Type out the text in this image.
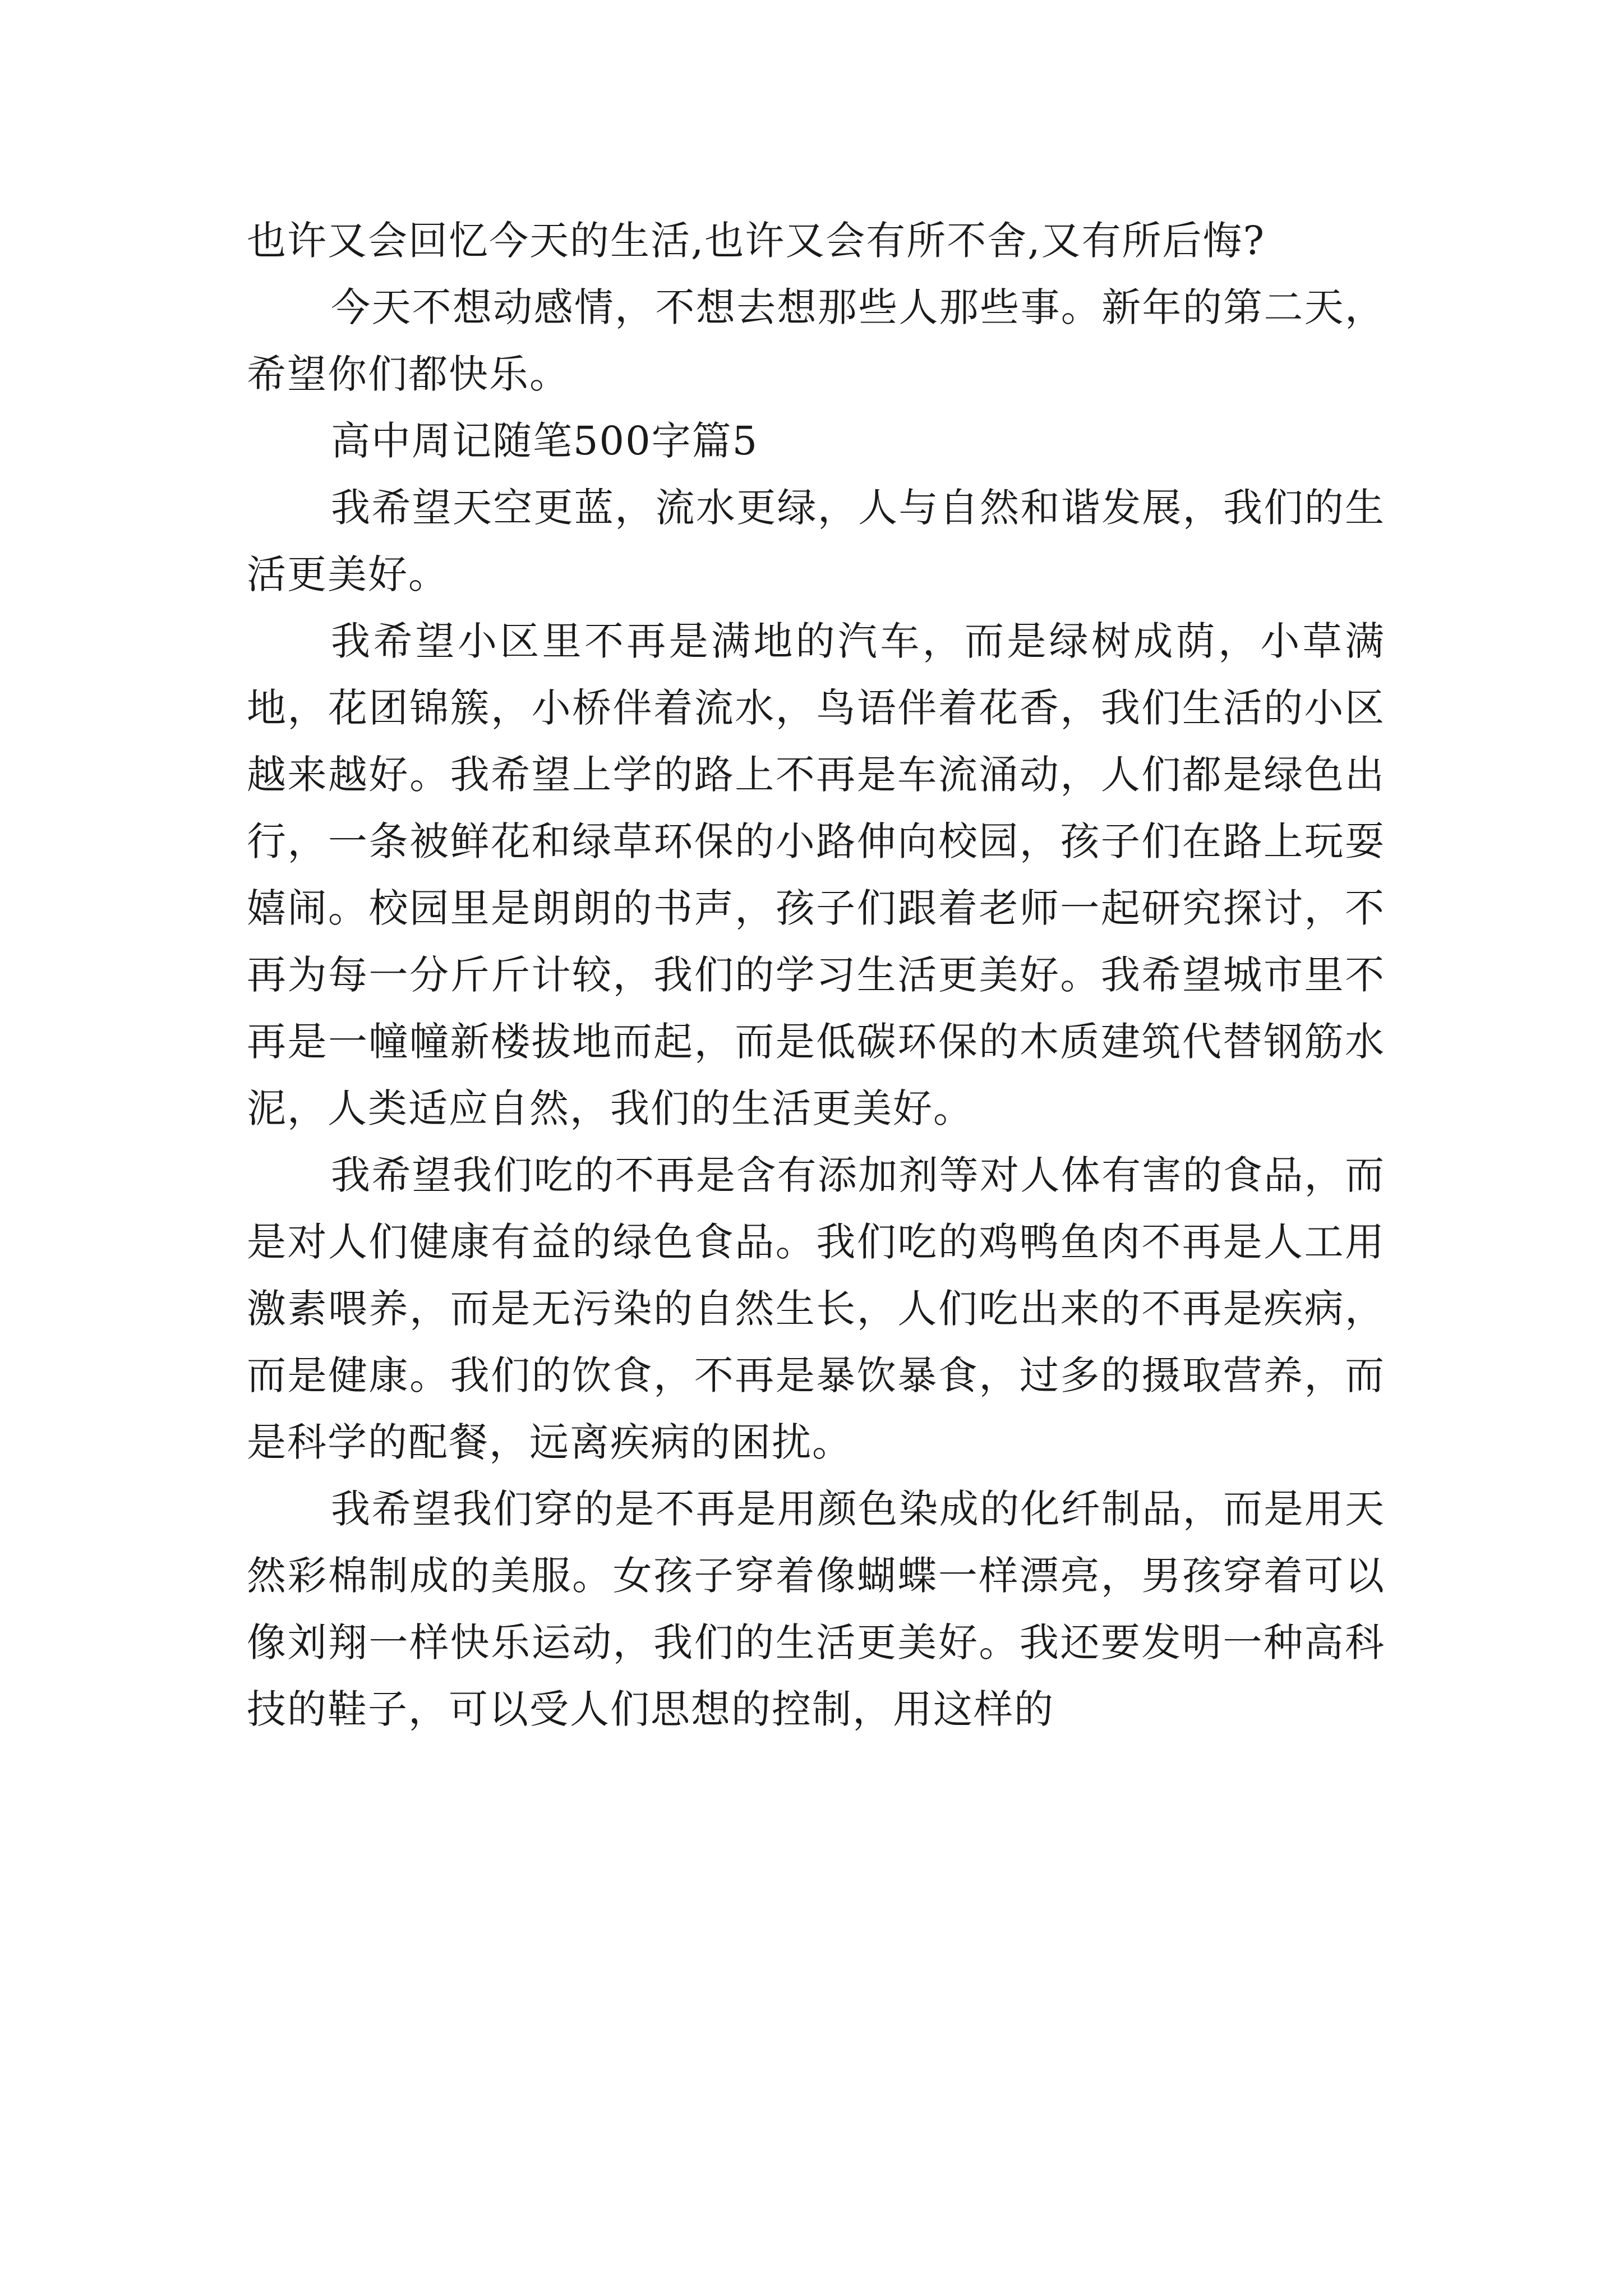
也许又会回忆今天的生活,也许又会有所不舍,又有所后悔?

今天不想动感情，不想去想那些人那些事。新年的第二天，希望你们都快乐。

高中周记随笔500字篇5

我希望天空更蓝，流水更绿，人与自然和谐发展，我们的生活更美好。

我希望小区里不再是满地的汽车，而是绿树成荫，小草满地，花团锦簇，小桥伴着流水，鸟语伴着花香，我们生活的小区越来越好。我希望上学的路上不再是车流涌动，人们都是绿色出行，一条被鲜花和绿草环保的小路伸向校园，孩子们在路上玩耍嬉闹。校园里是朗朗的书声，孩子们跟着老师一起研究探讨，不再为每一分斤斤计较，我们的学习生活更美好。我希望城市里不再是一幢幢新楼拔地而起，而是低碳环保的木质建筑代替钢筋水泥，人类适应自然，我们的生活更美好。

我希望我们吃的不再是含有添加剂等对人体有害的食品，而是对人们健康有益的绿色食品。我们吃的鸡鸭鱼肉不再是人工用激素喂养，而是无污染的自然生长，人们吃出来的不再是疾病，而是健康。我们的饮食，不再是暴饮暴食，过多的摄取营养，而是科学的配餐，远离疾病的困扰。

我希望我们穿的是不再是用颜色染成的化纤制品，而是用天然彩棉制成的美服。女孩子穿着像蝴蝶一样漂亮，男孩穿着可以像刘翔一样快乐运动，我们的生活更美好。我还要发明一种高科技的鞋子，可以受人们思想的控制，用这样的
